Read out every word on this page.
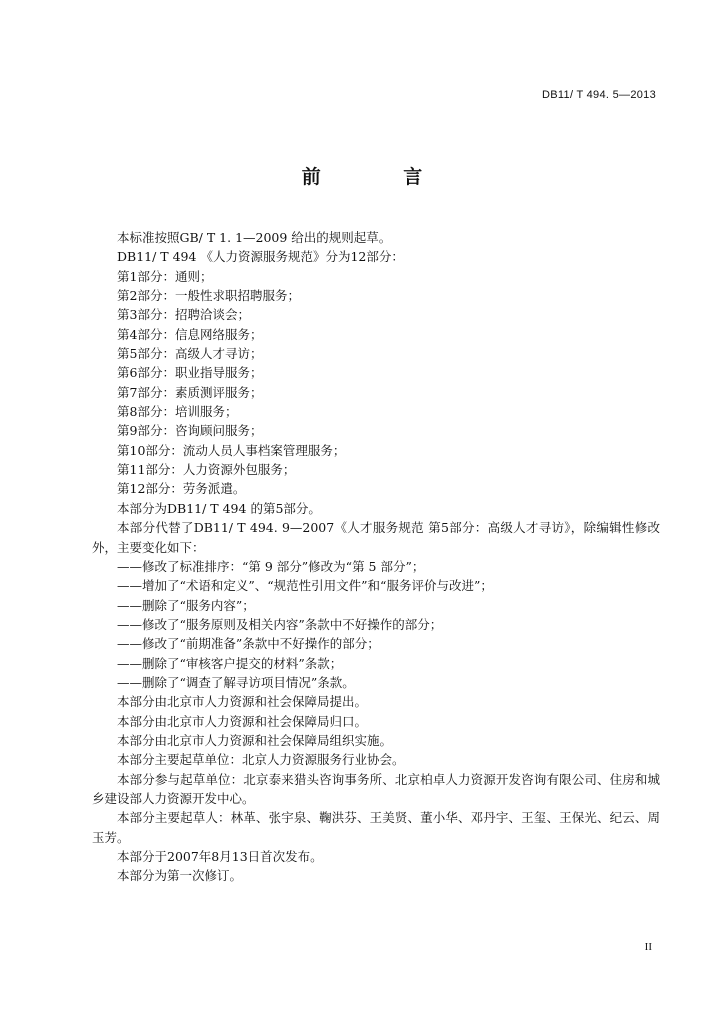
DB11/ T 494. 5—2013
前 言

本标准按照GB/ T 1. 1—2009 给出的规则起草。

DB11/ T 494 《人力资源服务规范》分为12部分：

第1部分：通则；

第2部分：一般性求职招聘服务；

第3部分：招聘洽谈会；

第4部分：信息网络服务；

第5部分：高级人才寻访；

第6部分：职业指导服务；

第7部分：素质测评服务；

第8部分：培训服务；

第9部分：咨询顾问服务；

第10部分：流动人员人事档案管理服务；

第11部分：人力资源外包服务；

第12部分：劳务派遣。

本部分为DB11/ T 494 的第5部分。

本部分代替了DB11/ T 494. 9—2007《人才服务规范 第5部分：高级人才寻访》，除编辑性修改外，主要变化如下：

——修改了标准排序：“第 9 部分”修改为“第 5 部分”；

——增加了“术语和定义”、“规范性引用文件”和“服务评价与改进”；

——删除了“服务内容”；

——修改了“服务原则及相关内容”条款中不好操作的部分；

——修改了“前期准备”条款中不好操作的部分；

——删除了“审核客户提交的材料”条款；

——删除了“调查了解寻访项目情况”条款。

本部分由北京市人力资源和社会保障局提出。

本部分由北京市人力资源和社会保障局归口。

本部分由北京市人力资源和社会保障局组织实施。

本部分主要起草单位：北京人力资源服务行业协会。

本部分参与起草单位：北京泰来猎头咨询事务所、北京柏卓人力资源开发咨询有限公司、住房和城乡建设部人力资源开发中心。

本部分主要起草人：林革、张宇泉、鞠洪芬、王美贤、董小华、邓丹宇、王玺、王保光、纪云、周玉芳。

本部分于2007年8月13日首次发布。

本部分为第一次修订。

II
